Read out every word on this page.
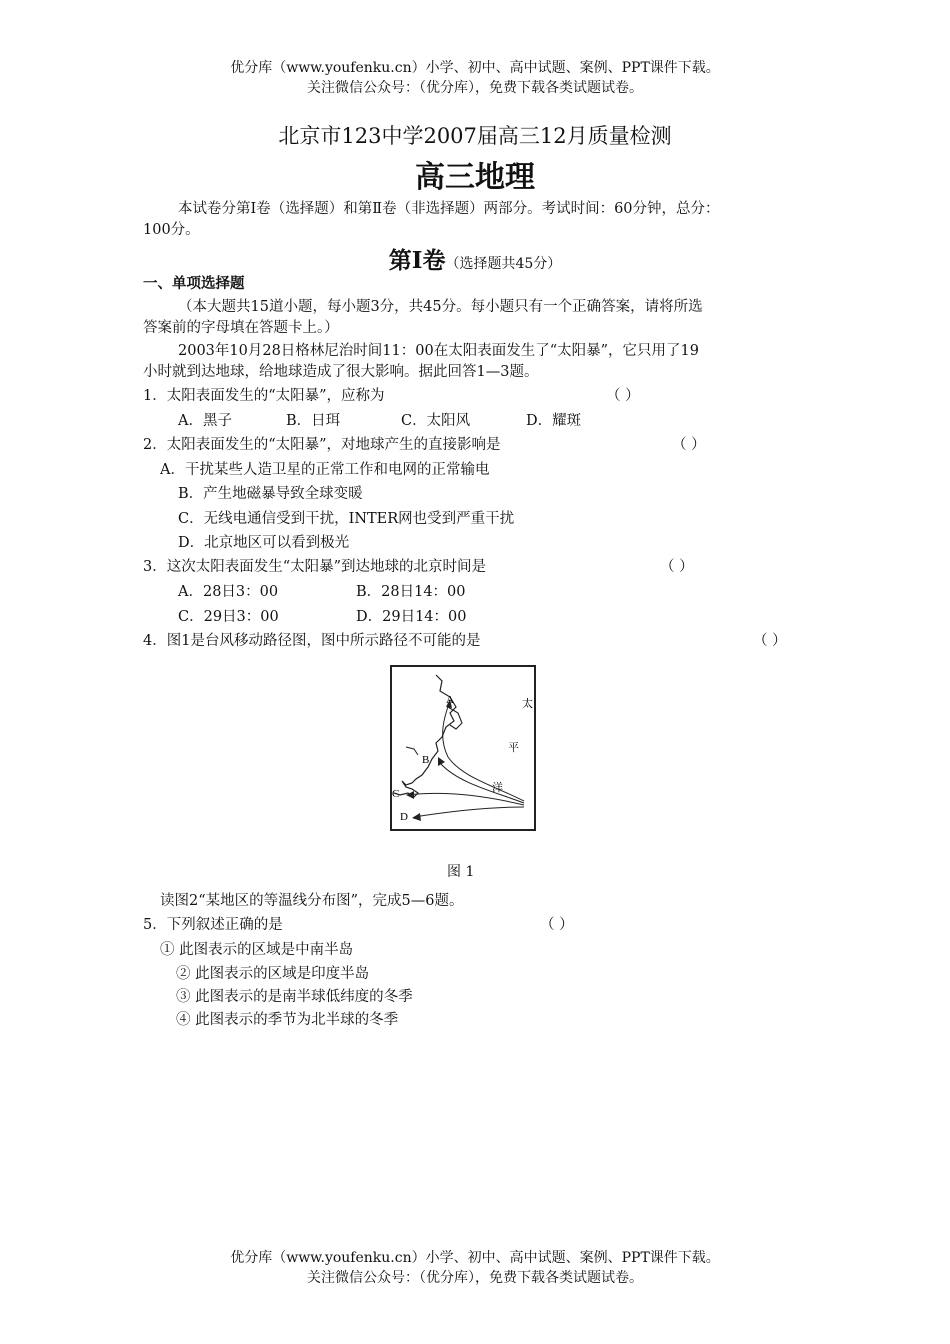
优分库（www.youfenku.cn）小学、初中、高中试题、案例、PPT课件下载。
关注微信公众号：（优分库），免费下载各类试题试卷。
北京市123中学2007届高三12月质量检测
高三地理
本试卷分第Ⅰ卷（选择题）和第Ⅱ卷（非选择题）两部分。考试时间：60分钟，总分：
100分。
第Ⅰ卷（选择题共45分）
一、单项选择题
（本大题共15道小题，每小题3分，共45分。每小题只有一个正确答案，请将所选
答案前的字母填在答题卡上。）
2003年10月28日格林尼治时间11：00在太阳表面发生了“太阳暴”，它只用了19
小时就到达地球，给地球造成了很大影响。据此回答1—3题。
1．太阳表面发生的“太阳暴”，应称为	（ ）
A．黑子	B．日珥	C．太阳风	D．耀斑
2．太阳表面发生的“太阳暴”，对地球产生的直接影响是	（ ）
A．干扰某些人造卫星的正常工作和电网的正常输电
B．产生地磁暴导致全球变暖
C．无线电通信受到干扰，INTER网也受到严重干扰
D．北京地区可以看到极光
3．这次太阳表面发生“太阳暴”到达地球的北京时间是	（ ）
A．28日3：00	B．28日14：00
C．29日3：00	D．29日14：00
4．图1是台风移动路径图，图中所示路径不可能的是	（ ）
A
B
C
D
太
平
洋
图 1
读图2“某地区的等温线分布图”，完成5—6题。
5．下列叙述正确的是	（ ）
① 此图表示的区域是中南半岛
② 此图表示的区域是印度半岛
③ 此图表示的是南半球低纬度的冬季
④ 此图表示的季节为北半球的冬季
优分库（www.youfenku.cn）小学、初中、高中试题、案例、PPT课件下载。
关注微信公众号：（优分库），免费下载各类试题试卷。
